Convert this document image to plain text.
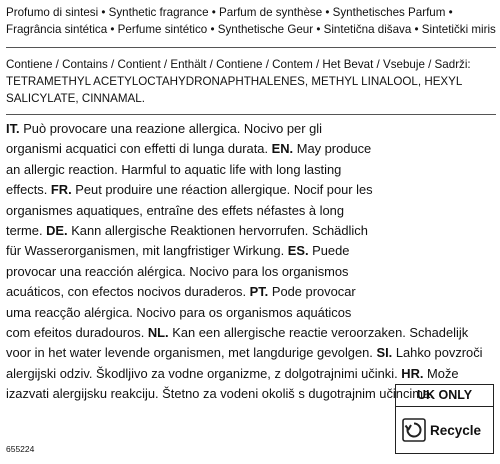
Profumo di sintesi • Synthetic fragrance • Parfum de synthèse • Synthetisches Parfum • Fragrância sintética • Perfume sintético • Synthetische Geur • Sintetična dišava • Sintetički miris

Contiene / Contains / Contient / Enthält / Contiene / Contem / Het Bevat / Vsebuje / Sadrži: TETRAMETHYL ACETYLOCTAHYDRONAPHTHALENES, METHYL LINALOOL, HEXYL SALICYLATE, CINNAMAL.

IT. Può provocare una reazione allergica. Nocivo per gli organismi acquatici con effetti di lunga durata. EN. May produce an allergic reaction. Harmful to aquatic life with long lasting effects. FR. Peut produire une réaction allergique. Nocif pour les organismes aquatiques, entraîne des effets néfastes à long terme. DE. Kann allergische Reaktionen hervorrufen. Schädlich für Wasserorganismen, mit langfristiger Wirkung. ES. Puede provocar una reacción alérgica. Nocivo para los organismos acuáticos, con efectos nocivos duraderos. PT. Pode provocar uma reacção alérgica. Nocivo para os organismos aquáticos com efeitos duradouros. NL. Kan een allergische reactie veroorzaken. Schadelijk voor in het water levende organismen, met langdurige gevolgen. SI. Lahko povzroči alergijski odziv. Škodljivo za vodne organizme, z dolgotrajnimi učinki. HR. Može izazvati alergijsku reakciju. Štetno za vodeni okoliš s dugotrajnim učincima.

655224
UK ONLY
Recycle
